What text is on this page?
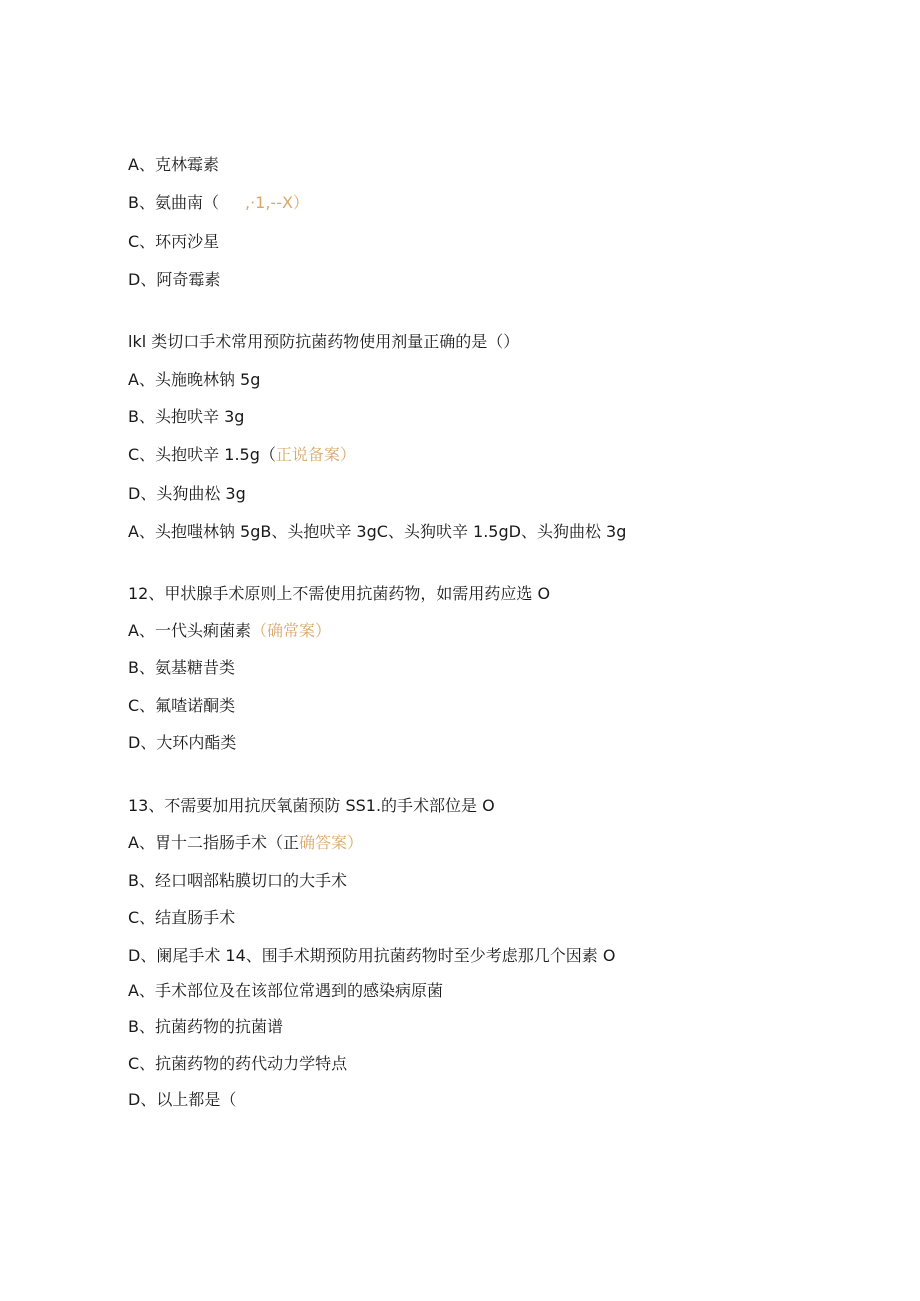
A、克林霉素
B、氨曲南（ ,·1,--X）
C、环丙沙星
D、阿奇霉素
lkl 类切口手术常用预防抗菌药物使用剂量正确的是（）
A、头施晚林钠 5g
B、头抱吠辛 3g
C、头抱吠辛 1.5g（正说备案）
D、头狗曲松 3g
A、头抱嗤林钠 5gB、头抱吠辛 3gC、头狗吠辛 1.5gD、头狗曲松 3g
12、甲状腺手术原则上不需使用抗菌药物，如需用药应选 O
A、一代头痢菌素（确常案）
B、氨基糖昔类
C、氟喳诺酮类
D、大环内酯类
13、不需要加用抗厌氧菌预防 SS1.的手术部位是 O
A、胃十二指肠手术（正确答案）
B、经口咽部粘膜切口的大手术
C、结直肠手术
D、阑尾手术 14、围手术期预防用抗菌药物时至少考虑那几个因素 O
A、手术部位及在该部位常遇到的感染病原菌
B、抗菌药物的抗菌谱
C、抗菌药物的药代动力学特点
D、以上都是（
